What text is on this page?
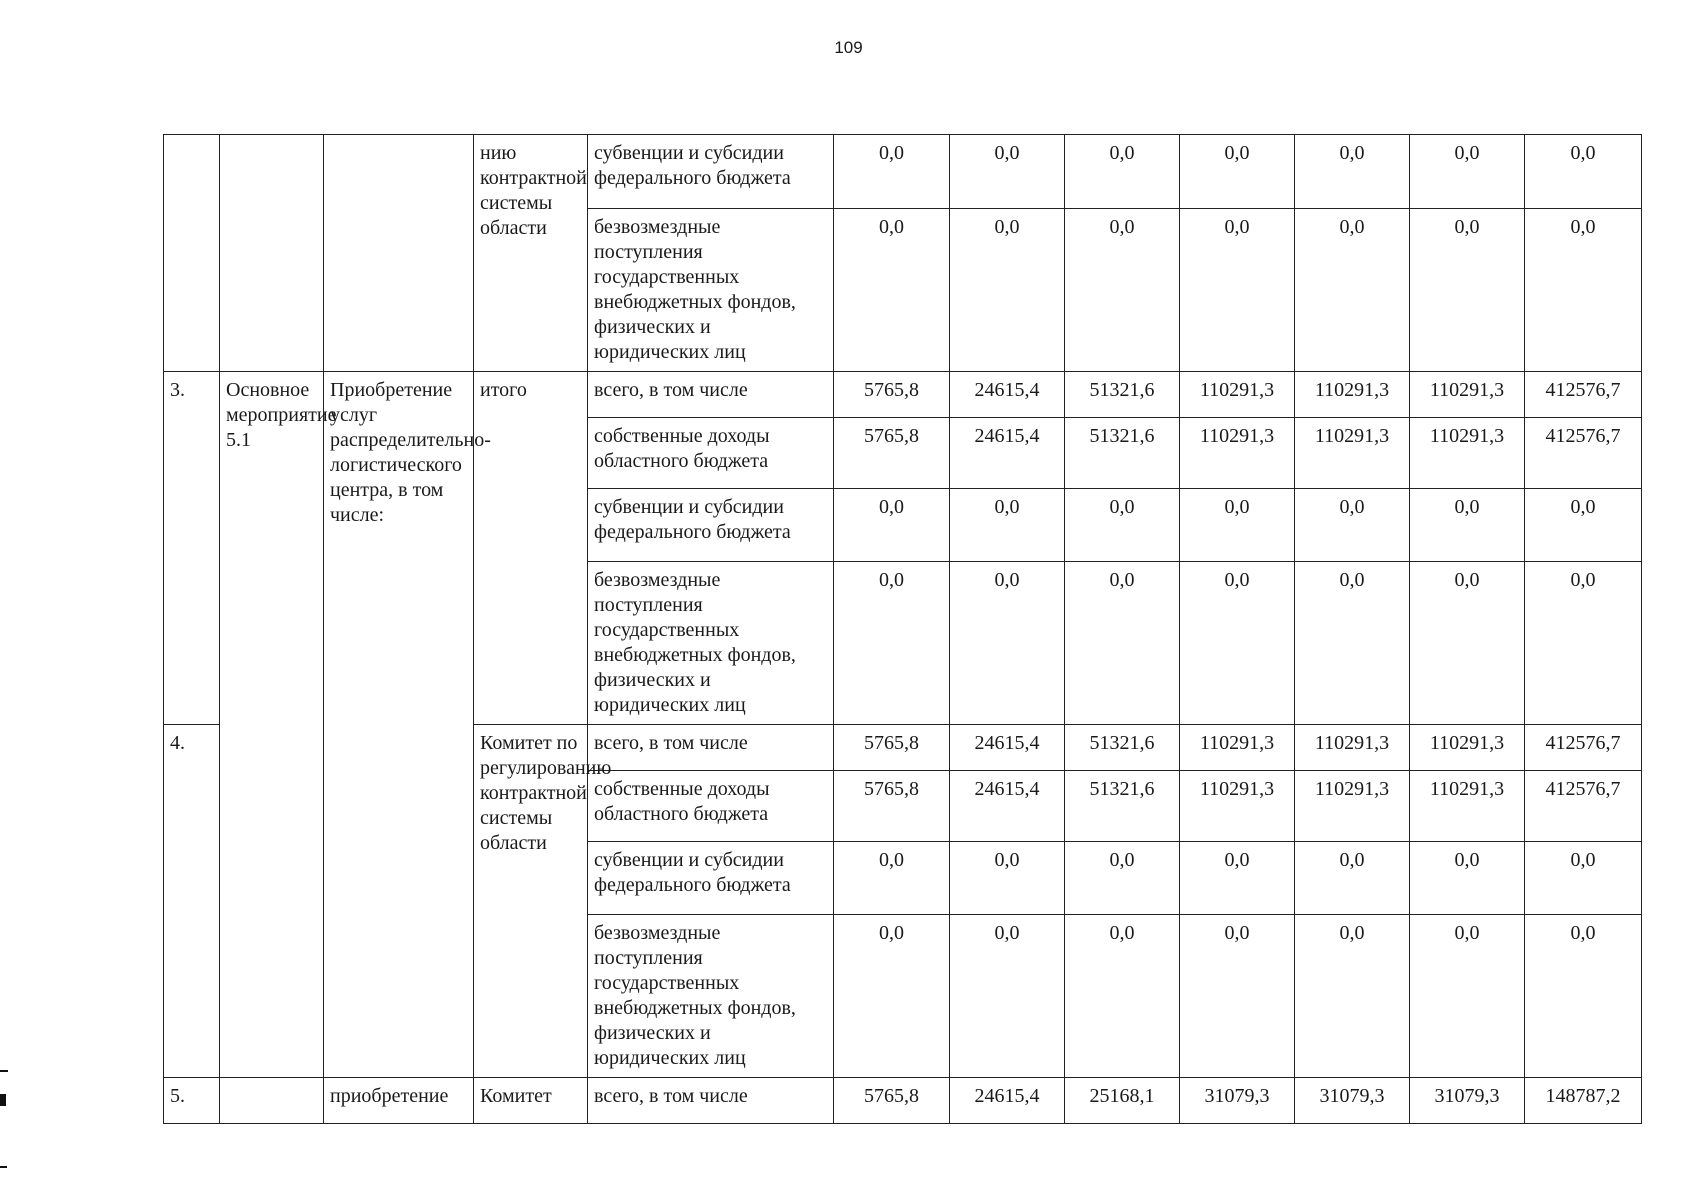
109
			нию контрактной системы области	субвенции и субсидии федерального бюджета	0,0	0,0	0,0	0,0	0,0	0,0	0,0
				безвозмездные поступления государственных внебюджетных фондов, физических и юридических лиц	0,0	0,0	0,0	0,0	0,0	0,0	0,0
3.	Основное мероприятие 5.1	Приобретение услуг распределительно-логистического центра, в том числе:	итого	всего, в том числе	5765,8	24615,4	51321,6	110291,3	110291,3	110291,3	412576,7
				собственные доходы областного бюджета	5765,8	24615,4	51321,6	110291,3	110291,3	110291,3	412576,7
				субвенции и субсидии федерального бюджета	0,0	0,0	0,0	0,0	0,0	0,0	0,0
				безвозмездные поступления государственных внебюджетных фондов, физических и юридических лиц	0,0	0,0	0,0	0,0	0,0	0,0	0,0
4.			Комитет по регулированию контрактной системы области	всего, в том числе	5765,8	24615,4	51321,6	110291,3	110291,3	110291,3	412576,7
				собственные доходы областного бюджета	5765,8	24615,4	51321,6	110291,3	110291,3	110291,3	412576,7
				субвенции и субсидии федерального бюджета	0,0	0,0	0,0	0,0	0,0	0,0	0,0
				безвозмездные поступления государственных внебюджетных фондов, физических и юридических лиц	0,0	0,0	0,0	0,0	0,0	0,0	0,0
5.		приобретение	Комитет	всего, в том числе	5765,8	24615,4	25168,1	31079,3	31079,3	31079,3	148787,2
